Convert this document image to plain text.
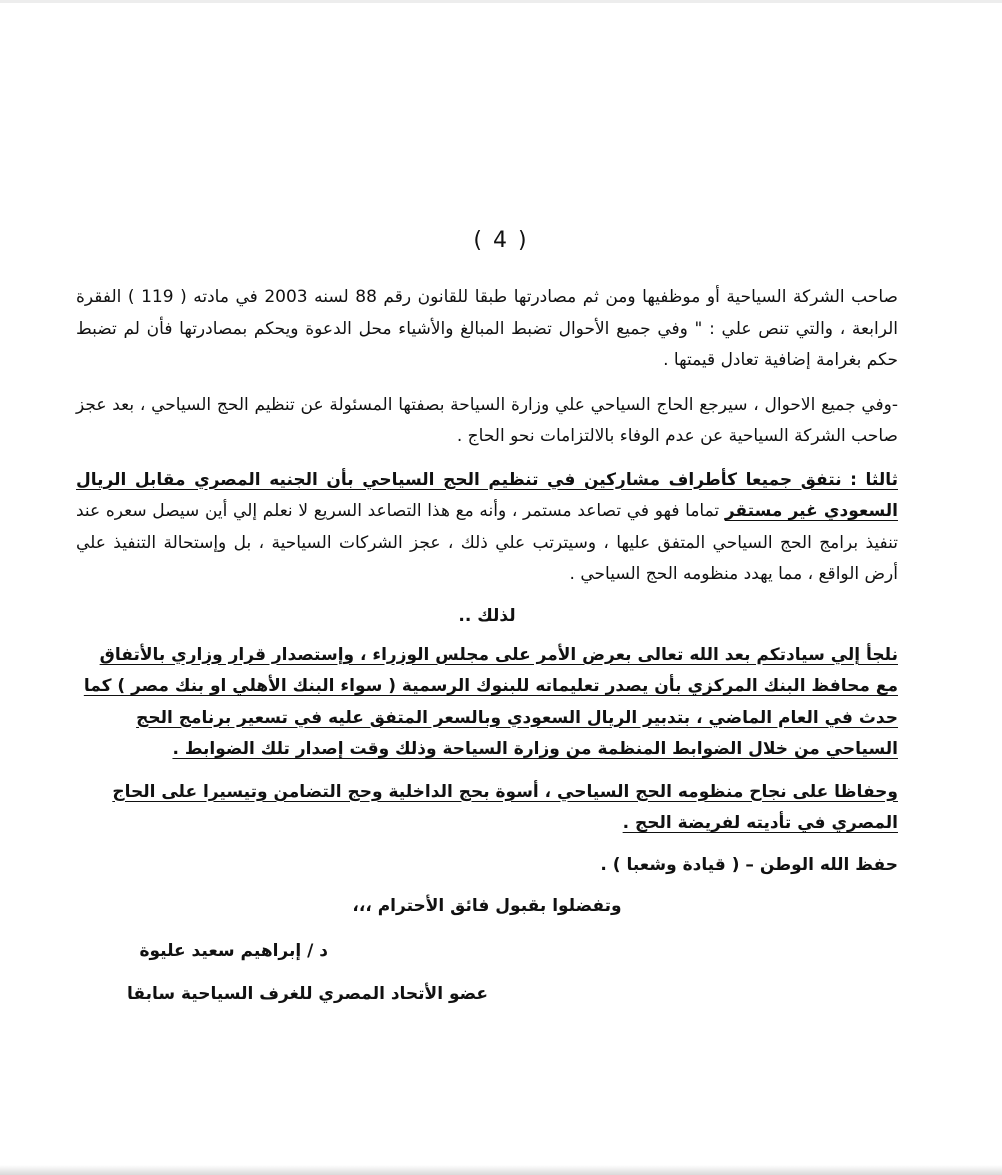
( 4 )

صاحب الشركة السياحية أو موظفيها ومن ثم مصادرتها طبقا للقانون رقم 88 لسنه 2003 في مادته ( 119 ) الفقرة الرابعة ، والتي تنص علي : " وفي جميع الأحوال تضبط المبالغ والأشياء محل الدعوة ويحكم بمصادرتها فأن لم تضبط حكم بغرامة إضافية تعادل قيمتها .

-وفي جميع الاحوال ، سيرجع الحاج السياحي علي وزارة السياحة بصفتها المسئولة عن تنظيم الحج السياحي ، بعد عجز صاحب الشركة السياحية عن عدم الوفاء بالالتزامات نحو الحاج .

ثالثا : نتفق جميعا كأطراف مشاركين في تنظيم الحج السياحي بأن الجنيه المصري مقابل الريال السعودي غير مستقر تماما فهو في تصاعد مستمر ، وأنه مع هذا التصاعد السريع لا نعلم إلي أين سيصل سعره عند تنفيذ برامج الحج السياحي المتفق عليها ، وسيترتب علي ذلك ، عجز الشركات السياحية ، بل وإستحالة التنفيذ علي أرض الواقع ، مما يهدد منظومه الحج السياحي .

لذلك ..

نلجأ إلي سيادتكم بعد الله تعالى بعرض الأمر على مجلس الوزراء ، وإستصدار قرار وزاري بالأتفاق مع محافظ البنك المركزي بأن يصدر تعليماته للبنوك الرسمية ( سواء البنك الأهلي او بنك مصر ) كما حدث في العام الماضي ، بتدبير الريال السعودي وبالسعر المتفق عليه في تسعير برنامج الحج السياحي من خلال الضوابط المنظمة من وزارة السياحة وذلك وقت إصدار تلك الضوابط .

وحفاظا على نجاح منظومه الحج السياحي ، أسوة بحج الداخلية وحج التضامن وتيسيرا على الحاج المصري في تأديته لفريضة الحج .

حفظ الله الوطن – ( قيادة وشعبا ) .

وتفضلوا بقبول فائق الأحترام ،،،

د / إبراهيم سعيد عليوة

عضو الأتحاد المصري للغرف السياحية سابقا
